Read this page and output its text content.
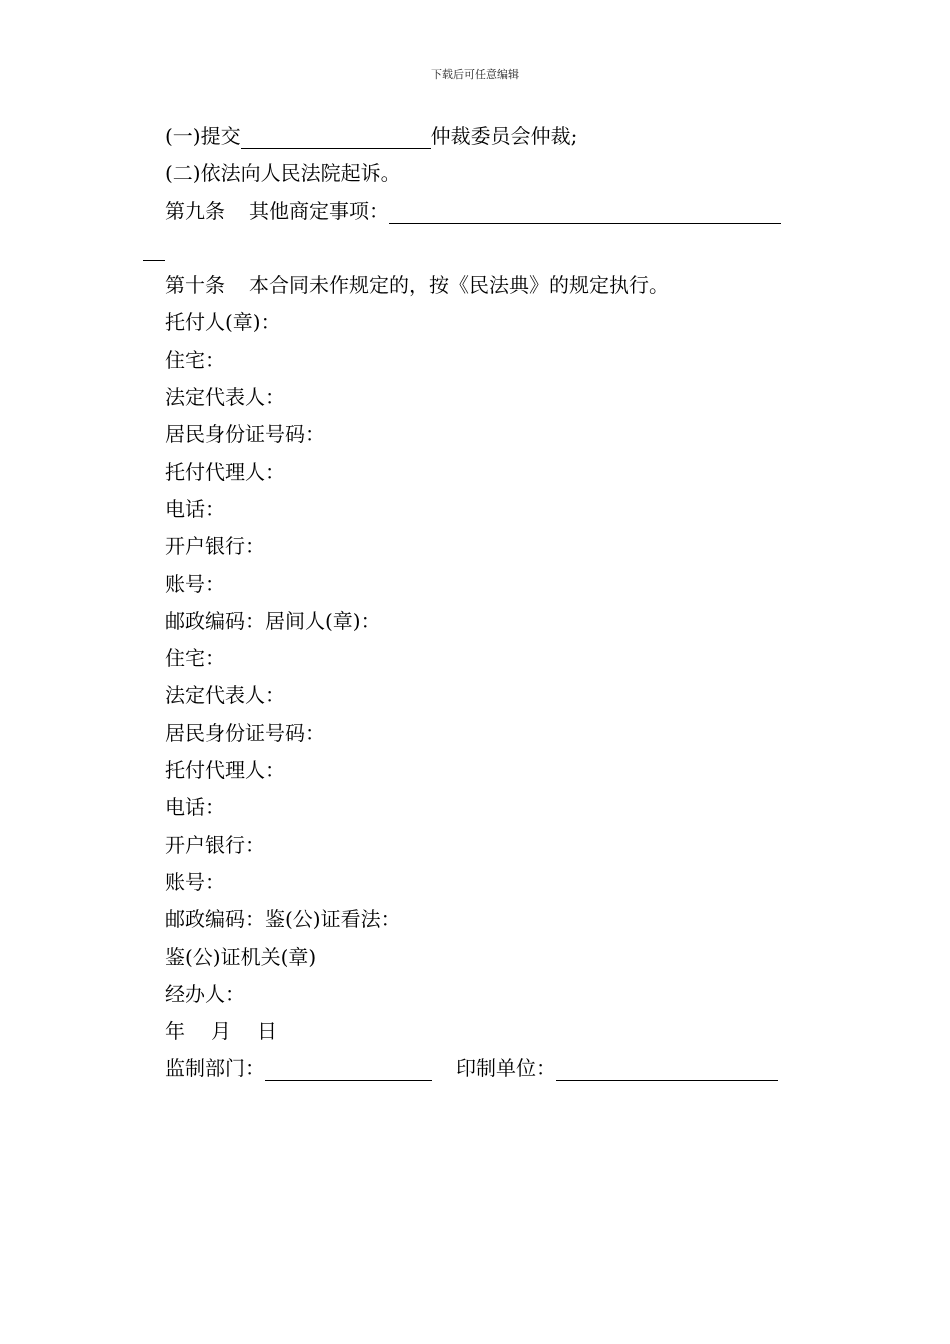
下载后可任意编辑
(一)提交	仲裁委员会仲裁;
(二)依法向人民法院起诉。
第九条 其他商定事项：
第十条 本合同未作规定的，按《民法典》的规定执行。
托付人(章)：
住宅：
法定代表人：
居民身份证号码：
托付代理人：
电话：
开户银行：
账号：
邮政编码：居间人(章)：
住宅：
法定代表人：
居民身份证号码：
托付代理人：
电话：
开户银行：
账号：
邮政编码：鉴(公)证看法：
鉴(公)证机关(章)
经办人：
年 月 日
监制部门：	印制单位：
